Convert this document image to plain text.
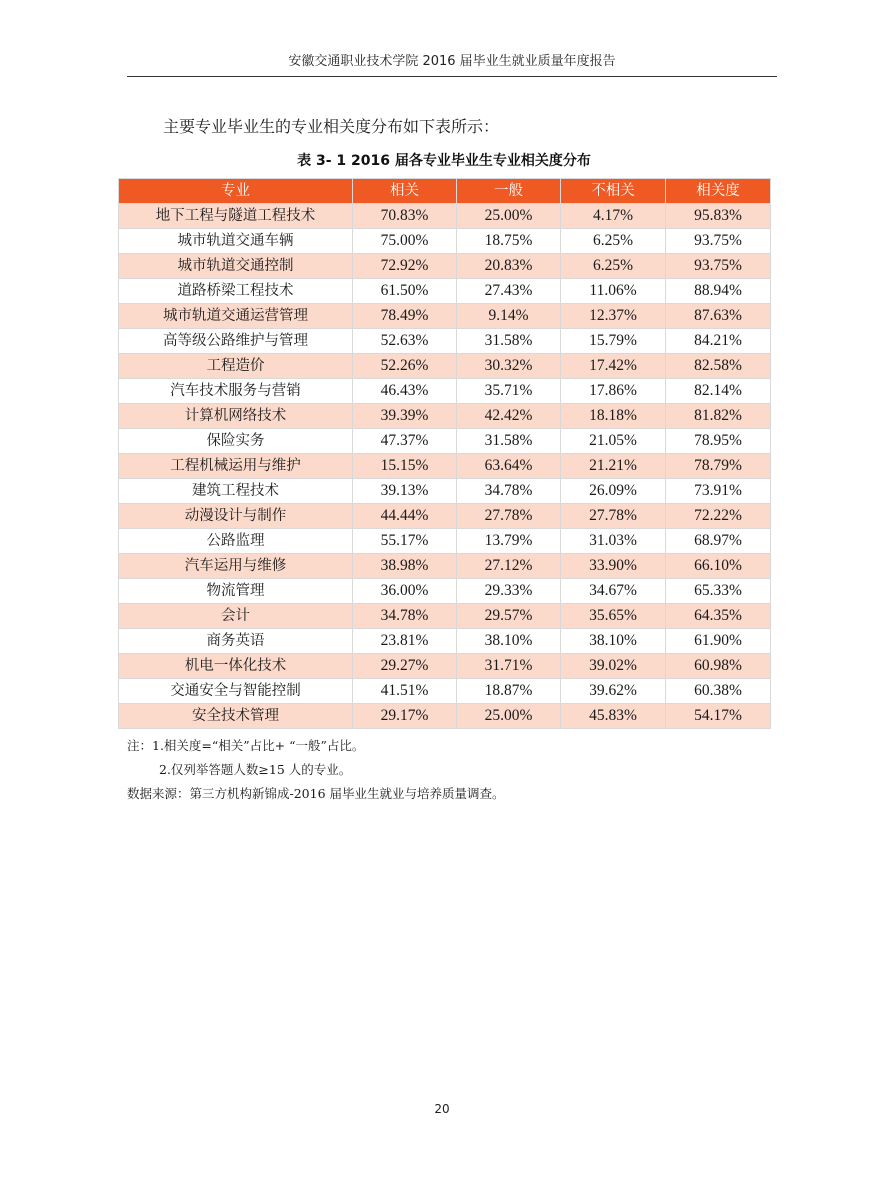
安徽交通职业技术学院 2016 届毕业生就业质量年度报告
主要专业毕业生的专业相关度分布如下表所示：
表 3- 1 2016 届各专业毕业生专业相关度分布
专业	相关	一般	不相关	相关度
地下工程与隧道工程技术	70.83%	25.00%	4.17%	95.83%
城市轨道交通车辆	75.00%	18.75%	6.25%	93.75%
城市轨道交通控制	72.92%	20.83%	6.25%	93.75%
道路桥梁工程技术	61.50%	27.43%	11.06%	88.94%
城市轨道交通运营管理	78.49%	9.14%	12.37%	87.63%
高等级公路维护与管理	52.63%	31.58%	15.79%	84.21%
工程造价	52.26%	30.32%	17.42%	82.58%
汽车技术服务与营销	46.43%	35.71%	17.86%	82.14%
计算机网络技术	39.39%	42.42%	18.18%	81.82%
保险实务	47.37%	31.58%	21.05%	78.95%
工程机械运用与维护	15.15%	63.64%	21.21%	78.79%
建筑工程技术	39.13%	34.78%	26.09%	73.91%
动漫设计与制作	44.44%	27.78%	27.78%	72.22%
公路监理	55.17%	13.79%	31.03%	68.97%
汽车运用与维修	38.98%	27.12%	33.90%	66.10%
物流管理	36.00%	29.33%	34.67%	65.33%
会计	34.78%	29.57%	35.65%	64.35%
商务英语	23.81%	38.10%	38.10%	61.90%
机电一体化技术	29.27%	31.71%	39.02%	60.98%
交通安全与智能控制	41.51%	18.87%	39.62%	60.38%
安全技术管理	29.17%	25.00%	45.83%	54.17%
注：1.相关度=“相关”占比+ “一般”占比。
2.仅列举答题人数≥15 人的专业。
数据来源：第三方机构新锦成-2016 届毕业生就业与培养质量调查。
20
